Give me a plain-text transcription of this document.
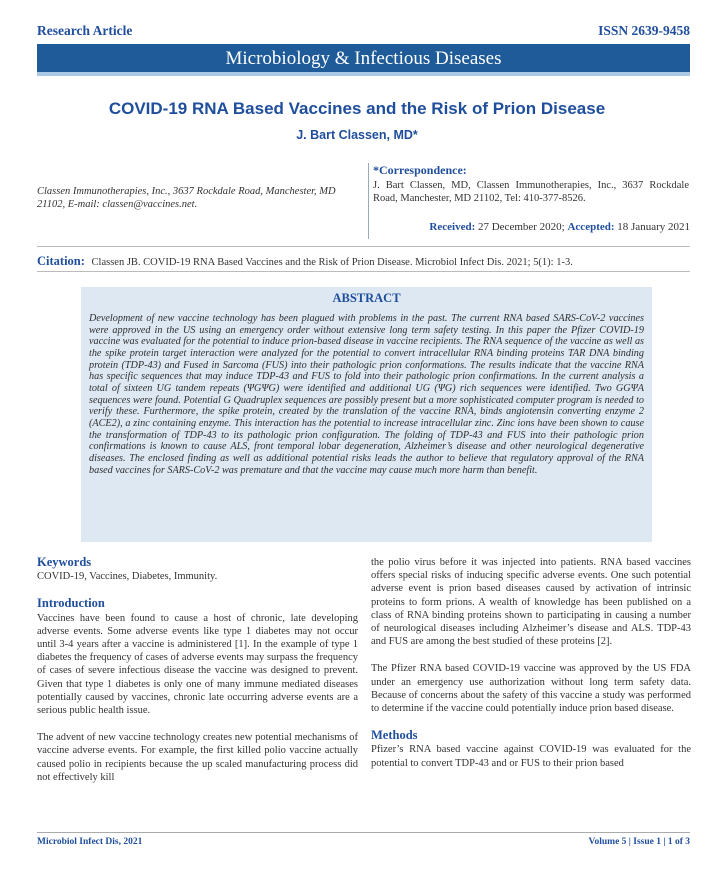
Research Article	ISSN 2639-9458
Microbiology & Infectious Diseases
COVID-19 RNA Based Vaccines and the Risk of Prion Disease
J. Bart Classen, MD*
Classen Immunotherapies, Inc., 3637 Rockdale Road, Manchester, MD 21102, E-mail: classen@vaccines.net.
*Correspondence:
J. Bart Classen, MD, Classen Immunotherapies, Inc., 3637 Rockdale Road, Manchester, MD 21102, Tel: 410-377-8526.
Received: 27 December 2020; Accepted: 18 January 2021
Citation: Classen JB. COVID-19 RNA Based Vaccines and the Risk of Prion Disease. Microbiol Infect Dis. 2021; 5(1): 1-3.
ABSTRACT

Development of new vaccine technology has been plagued with problems in the past. The current RNA based SARS-CoV-2 vaccines were approved in the US using an emergency order without extensive long term safety testing. In this paper the Pfizer COVID-19 vaccine was evaluated for the potential to induce prion-based disease in vaccine recipients. The RNA sequence of the vaccine as well as the spike protein target interaction were analyzed for the potential to convert intracellular RNA binding proteins TAR DNA binding protein (TDP-43) and Fused in Sarcoma (FUS) into their pathologic prion conformations. The results indicate that the vaccine RNA has specific sequences that may induce TDP-43 and FUS to fold into their pathologic prion confirmations. In the current analysis a total of sixteen UG tandem repeats (ΨGΨG) were identified and additional UG (ΨG) rich sequences were identified. Two GGΨA sequences were found. Potential G Quadruplex sequences are possibly present but a more sophisticated computer program is needed to verify these. Furthermore, the spike protein, created by the translation of the vaccine RNA, binds angiotensin converting enzyme 2 (ACE2), a zinc containing enzyme. This interaction has the potential to increase intracellular zinc. Zinc ions have been shown to cause the transformation of TDP-43 to its pathologic prion configuration. The folding of TDP-43 and FUS into their pathologic prion confirmations is known to cause ALS, front temporal lobar degeneration, Alzheimer’s disease and other neurological degenerative diseases. The enclosed finding as well as additional potential risks leads the author to believe that regulatory approval of the RNA based vaccines for SARS-CoV-2 was premature and that the vaccine may cause much more harm than benefit.

Keywords
COVID-19, Vaccines, Diabetes, Immunity.
Introduction
Vaccines have been found to cause a host of chronic, late developing adverse events. Some adverse events like type 1 diabetes may not occur until 3-4 years after a vaccine is administered [1]. In the example of type 1 diabetes the frequency of cases of adverse events may surpass the frequency of cases of severe infectious disease the vaccine was designed to prevent. Given that type 1 diabetes is only one of many immune mediated diseases potentially caused by vaccines, chronic late occurring adverse events are a serious public health issue.
The advent of new vaccine technology creates new potential mechanisms of vaccine adverse events. For example, the first killed polio vaccine actually caused polio in recipients because the up scaled manufacturing process did not effectively kill
the polio virus before it was injected into patients. RNA based vaccines offers special risks of inducing specific adverse events. One such potential adverse event is prion based diseases caused by activation of intrinsic proteins to form prions. A wealth of knowledge has been published on a class of RNA binding proteins shown to participating in causing a number of neurological diseases including Alzheimer’s disease and ALS. TDP-43 and FUS are among the best studied of these proteins [2].
The Pfizer RNA based COVID-19 vaccine was approved by the US FDA under an emergency use authorization without long term safety data. Because of concerns about the safety of this vaccine a study was performed to determine if the vaccine could potentially induce prion based disease.
Methods
Pfizer’s RNA based vaccine against COVID-19 was evaluated for the potential to convert TDP-43 and or FUS to their prion based
Microbiol Infect Dis, 2021	Volume 5 | Issue 1 | 1 of 3
